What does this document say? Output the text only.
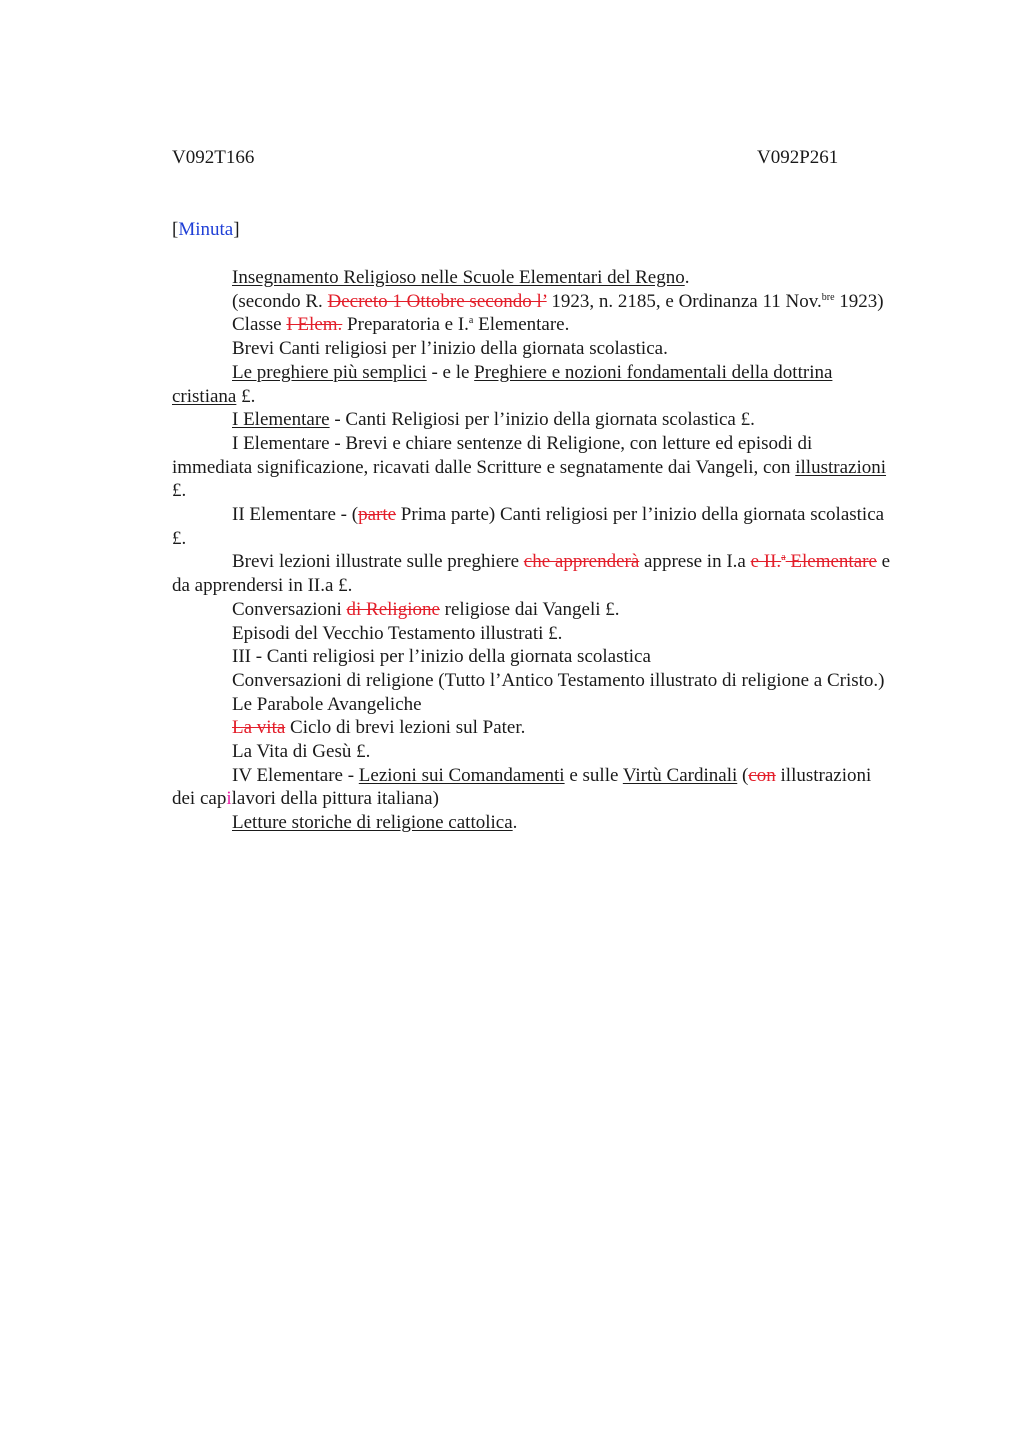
V092T166	V092P261
[Minuta]

Insegnamento Religioso nelle Scuole Elementari del Regno.

(secondo R. Decreto 1 Ottobre secondo l’ 1923, n. 2185, e Ordinanza 11 Nov.$^{bre}$ 1923)

Classe I Elem. Preparatoria e I.$^a$ Elementare.

Brevi Canti religiosi per l’inizio della giornata scolastica.

Le preghiere più semplici - e le Preghiere e nozioni fondamentali della dottrina cristiana £.

I Elementare - Canti Religiosi per l’inizio della giornata scolastica £.

I Elementare - Brevi e chiare sentenze di Religione, con letture ed episodi di immediata significazione, ricavati dalle Scritture e segnatamente dai Vangeli, con illustrazioni £.

II Elementare - (parte Prima parte) Canti religiosi per l’inizio della giornata scolastica £.

Brevi lezioni illustrate sulle preghiere che apprenderà apprese in I.a e II.$^a$ Elementare e da apprendersi in II.a £.

Conversazioni di Religione religiose dai Vangeli £.

Episodi del Vecchio Testamento illustrati £.

III - Canti religiosi per l’inizio della giornata scolastica

Conversazioni di religione (Tutto l’Antico Testamento illustrato di religione a Cristo.)

Le Parabole Avangeliche

La vita Ciclo di brevi lezioni sul Pater.

La Vita di Gesù £.

IV Elementare - Lezioni sui Comandamenti e sulle Virtù Cardinali (con illustrazioni dei capilavori della pittura italiana)

Letture storiche di religione cattolica.
